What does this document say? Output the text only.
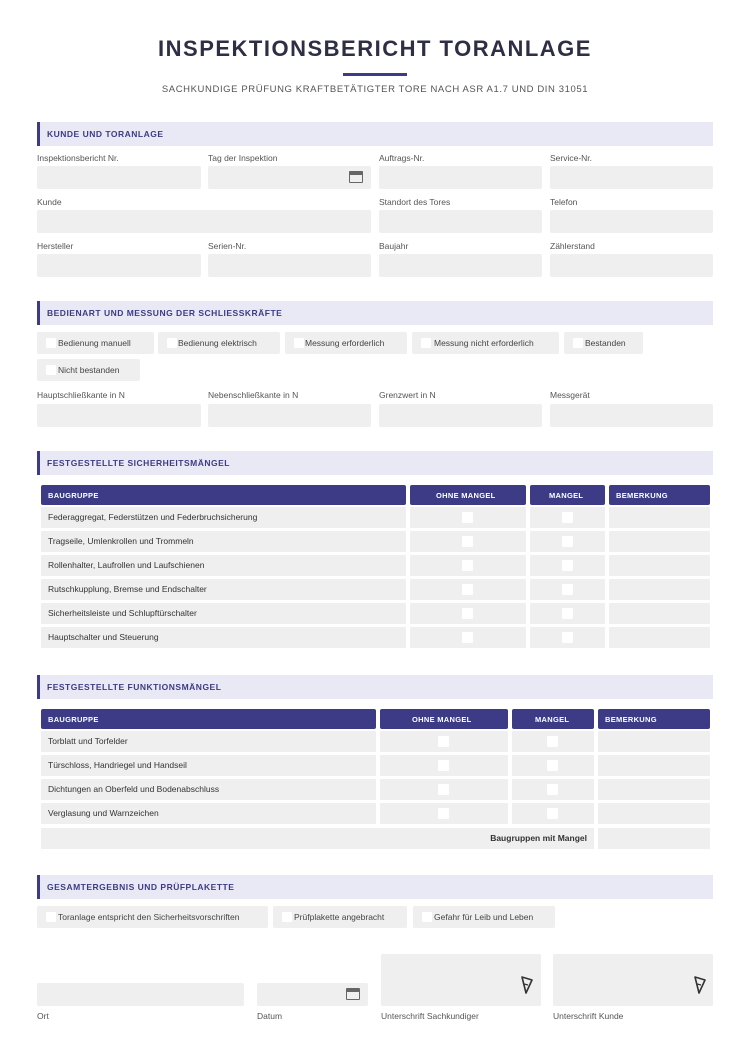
INSPEKTIONSBERICHT TORANLAGE
SACHKUNDIGE PRÜFUNG KRAFTBETÄTIGTER TORE NACH ASR A1.7 UND DIN 31051
KUNDE UND TORANLAGE
Inspektionsbericht Nr.	Tag der Inspektion	Auftrags-Nr.	Service-Nr.
Kunde	Standort des Tores	Telefon
Hersteller	Serien-Nr.	Baujahr	Zählerstand
BEDIENART UND MESSUNG DER SCHLIESSKRÄFTE
Bedienung manuell	Bedienung elektrisch	Messung erforderlich	Messung nicht erforderlich	Bestanden
Nicht bestanden
Hauptschließkante in N	Nebenschließkante in N	Grenzwert in N	Messgerät
FESTGESTELLTE SICHERHEITSMÄNGEL
BAUGRUPPE	OHNE MANGEL	MANGEL	BEMERKUNG
Federaggregat, Federstützen und Federbruchsicherung
Tragseile, Umlenkrollen und Trommeln
Rollenhalter, Laufrollen und Laufschienen
Rutschkupplung, Bremse und Endschalter
Sicherheitsleiste und Schlupftürschalter
Hauptschalter und Steuerung
FESTGESTELLTE FUNKTIONSMÄNGEL
BAUGRUPPE	OHNE MANGEL	MANGEL	BEMERKUNG
Torblatt und Torfelder
Türschloss, Handriegel und Handseil
Dichtungen an Oberfeld und Bodenabschluss
Verglasung und Warnzeichen
Baugruppen mit Mangel
GESAMTERGEBNIS UND PRÜFPLAKETTE
Toranlage entspricht den Sicherheitsvorschriften	Prüfplakette angebracht	Gefahr für Leib und Leben
Ort	Datum	Unterschrift Sachkundiger	Unterschrift Kunde
